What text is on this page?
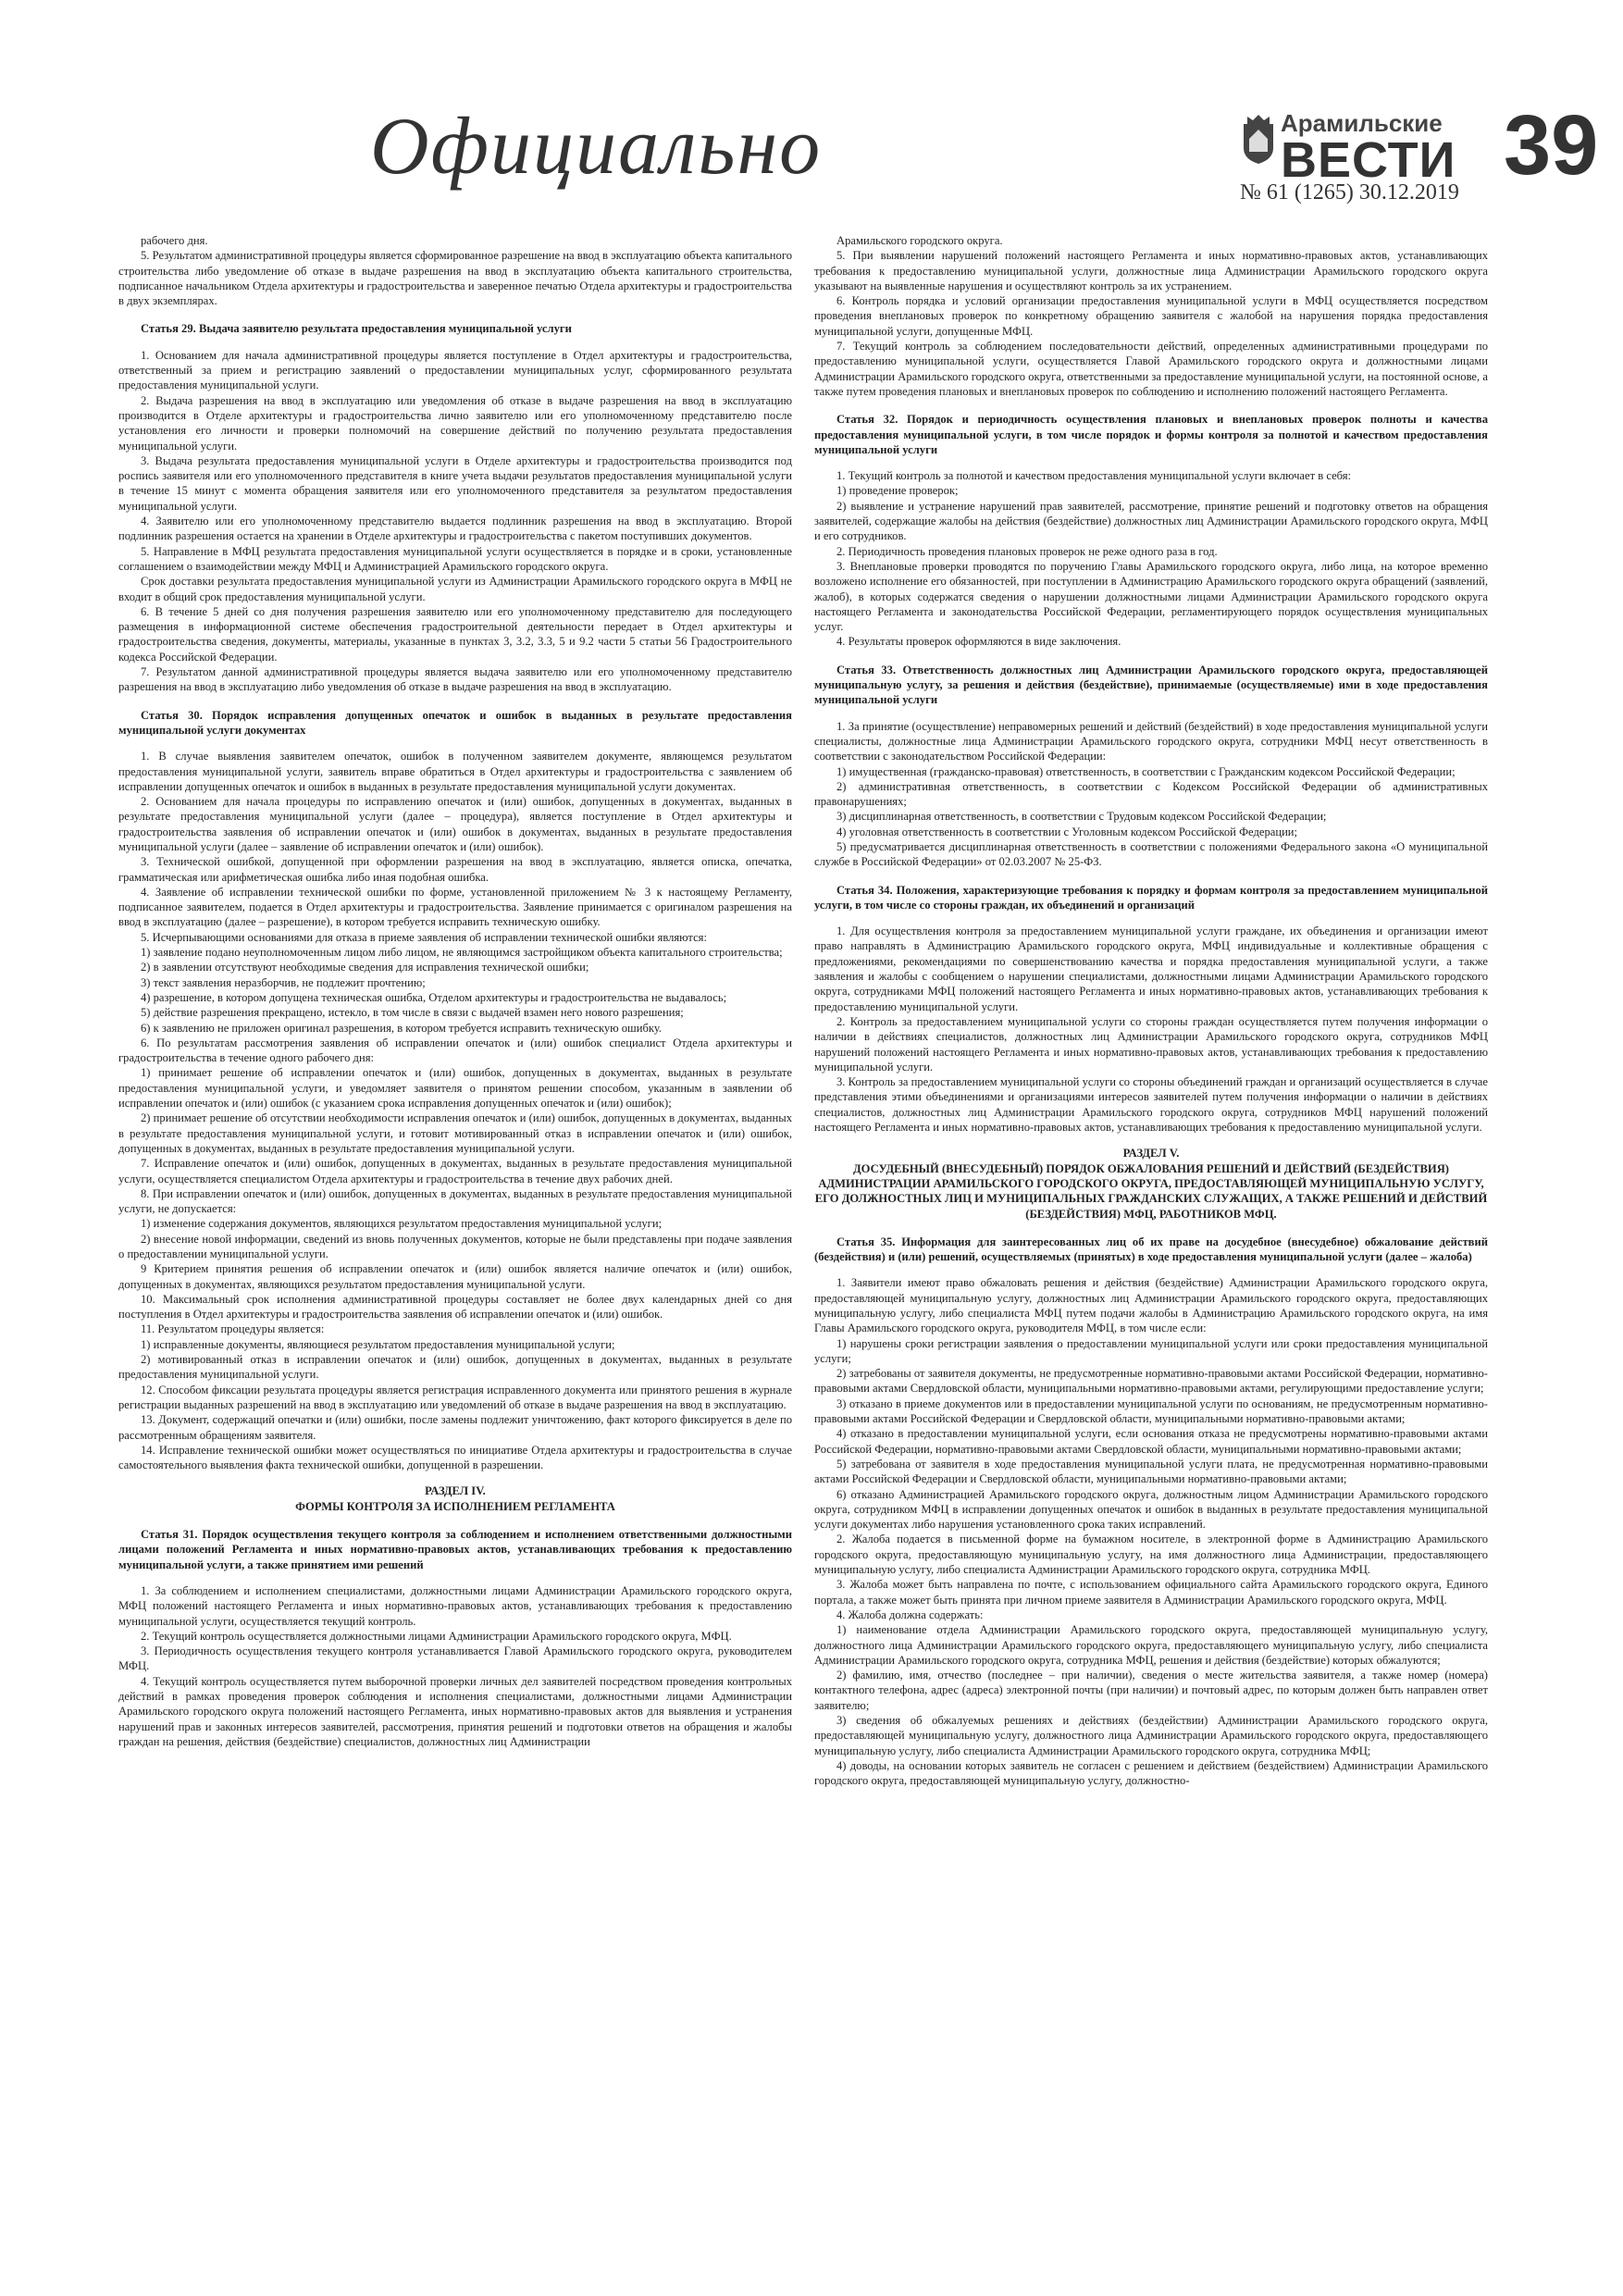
Официально	Арамильские
ВЕСТИ
№ 61 (1265) 30.12.2019 39

рабочего дня.

5. Результатом административной процедуры является сформированное разрешение на ввод в эксплуатацию объекта капитального строительства либо уведомление об отказе в выдаче разрешения на ввод в эксплуатацию объекта капитального строительства, подписанное начальником Отдела архитектуры и градостроительства и заверенное печатью Отдела архитектуры и градостроительства в двух экземплярах.

Статья 29. Выдача заявителю результата предоставления муниципальной услуги

1. Основанием для начала административной процедуры является поступление в Отдел архитектуры и градостроительства, ответственный за прием и регистрацию заявлений о предоставлении муниципальных услуг, сформированного результата предоставления муниципальной услуги.

2. Выдача разрешения на ввод в эксплуатацию или уведомления об отказе в выдаче разрешения на ввод в эксплуатацию производится в Отделе архитектуры и градостроительства лично заявителю или его уполномоченному представителю после установления его личности и проверки полномочий на совершение действий по получению результата предоставления муниципальной услуги.

3. Выдача результата предоставления муниципальной услуги в Отделе архитектуры и градостроительства производится под роспись заявителя или его уполномоченного представителя в книге учета выдачи результатов предоставления муниципальной услуги в течение 15 минут с момента обращения заявителя или его уполномоченного представителя за результатом предоставления муниципальной услуги.

4. Заявителю или его уполномоченному представителю выдается подлинник разрешения на ввод в эксплуатацию. Второй подлинник разрешения остается на хранении в Отделе архитектуры и градостроительства с пакетом поступивших документов.

5. Направление в МФЦ результата предоставления муниципальной услуги осуществляется в порядке и в сроки, установленные соглашением о взаимодействии между МФЦ и Администрацией Арамильского городского округа.

Срок доставки результата предоставления муниципальной услуги из Администрации Арамильского городского округа в МФЦ не входит в общий срок предоставления муниципальной услуги.

6. В течение 5 дней со дня получения разрешения заявителю или его уполномоченному представителю для последующего размещения в информационной системе обеспечения градостроительной деятельности передает в Отдел архитектуры и градостроительства сведения, документы, материалы, указанные в пунктах 3, 3.2, 3.3, 5 и 9.2 части 5 статьи 56 Градостроительного кодекса Российской Федерации.

7. Результатом данной административной процедуры является выдача заявителю или его уполномоченному представителю разрешения на ввод в эксплуатацию либо уведомления об отказе в выдаче разрешения на ввод в эксплуатацию.

Статья 30. Порядок исправления допущенных опечаток и ошибок в выданных в результате предоставления муниципальной услуги документах

1. В случае выявления заявителем опечаток, ошибок в полученном заявителем документе, являющемся результатом предоставления муниципальной услуги, заявитель вправе обратиться в Отдел архитектуры и градостроительства с заявлением об исправлении допущенных опечаток и ошибок в выданных в результате предоставления муниципальной услуги документах.

2. Основанием для начала процедуры по исправлению опечаток и (или) ошибок, допущенных в документах, выданных в результате предоставления муниципальной услуги (далее – процедура), является поступление в Отдел архитектуры и градостроительства заявления об исправлении опечаток и (или) ошибок в документах, выданных в результате предоставления муниципальной услуги (далее – заявление об исправлении опечаток и (или) ошибок).

3. Технической ошибкой, допущенной при оформлении разрешения на ввод в эксплуатацию, является описка, опечатка, грамматическая или арифметическая ошибка либо иная подобная ошибка.

4. Заявление об исправлении технической ошибки по форме, установленной приложением № 3 к настоящему Регламенту, подписанное заявителем, подается в Отдел архитектуры и градостроительства. Заявление принимается с оригиналом разрешения на ввод в эксплуатацию (далее – разрешение), в котором требуется исправить техническую ошибку.

5. Исчерпывающими основаниями для отказа в приеме заявления об исправлении технической ошибки являются:

1) заявление подано неуполномоченным лицом либо лицом, не являющимся застройщиком объекта капитального строительства;

2) в заявлении отсутствуют необходимые сведения для исправления технической ошибки;

3) текст заявления неразборчив, не подлежит прочтению;

4) разрешение, в котором допущена техническая ошибка, Отделом архитектуры и градостроительства не выдавалось;

5) действие разрешения прекращено, истекло, в том числе в связи с выдачей взамен него нового разрешения;

6) к заявлению не приложен оригинал разрешения, в котором требуется исправить техническую ошибку.

6. По результатам рассмотрения заявления об исправлении опечаток и (или) ошибок специалист Отдела архитектуры и градостроительства в течение одного рабочего дня:

1) принимает решение об исправлении опечаток и (или) ошибок, допущенных в документах, выданных в результате предоставления муниципальной услуги, и уведомляет заявителя о принятом решении способом, указанным в заявлении об исправлении опечаток и (или) ошибок (с указанием срока исправления допущенных опечаток и (или) ошибок);

2) принимает решение об отсутствии необходимости исправления опечаток и (или) ошибок, допущенных в документах, выданных в результате предоставления муниципальной услуги, и готовит мотивированный отказ в исправлении опечаток и (или) ошибок, допущенных в документах, выданных в результате предоставления муниципальной услуги.

7. Исправление опечаток и (или) ошибок, допущенных в документах, выданных в результате предоставления муниципальной услуги, осуществляется специалистом Отдела архитектуры и градостроительства в течение двух рабочих дней.

8. При исправлении опечаток и (или) ошибок, допущенных в документах, выданных в результате предоставления муниципальной услуги, не допускается:

1) изменение содержания документов, являющихся результатом предоставления муниципальной услуги;

2) внесение новой информации, сведений из вновь полученных документов, которые не были представлены при подаче заявления о предоставлении муниципальной услуги.

9 Критерием принятия решения об исправлении опечаток и (или) ошибок является наличие опечаток и (или) ошибок, допущенных в документах, являющихся результатом предоставления муниципальной услуги.

10. Максимальный срок исполнения административной процедуры составляет не более двух календарных дней со дня поступления в Отдел архитектуры и градостроительства заявления об исправлении опечаток и (или) ошибок.

11. Результатом процедуры является:

1) исправленные документы, являющиеся результатом предоставления муниципальной услуги;

2) мотивированный отказ в исправлении опечаток и (или) ошибок, допущенных в документах, выданных в результате предоставления муниципальной услуги.

12. Способом фиксации результата процедуры является регистрация исправленного документа или принятого решения в журнале регистрации выданных разрешений на ввод в эксплуатацию или уведомлений об отказе в выдаче разрешения на ввод в эксплуатацию.

13. Документ, содержащий опечатки и (или) ошибки, после замены подлежит уничтожению, факт которого фиксируется в деле по рассмотренным обращениям заявителя.

14. Исправление технической ошибки может осуществляться по инициативе Отдела архитектуры и градостроительства в случае самостоятельного выявления факта технической ошибки, допущенной в разрешении.

РАЗДЕЛ IV.
ФОРМЫ КОНТРОЛЯ ЗА ИСПОЛНЕНИЕМ РЕГЛАМЕНТА

Статья 31. Порядок осуществления текущего контроля за соблюдением и исполнением ответственными должностными лицами положений Регламента и иных нормативно-правовых актов, устанавливающих требования к предоставлению муниципальной услуги, а также принятием ими решений

1. За соблюдением и исполнением специалистами, должностными лицами Администрации Арамильского городского округа, МФЦ положений настоящего Регламента и иных нормативно-правовых актов, устанавливающих требования к предоставлению муниципальной услуги, осуществляется текущий контроль.

2. Текущий контроль осуществляется должностными лицами Администрации Арамильского городского округа, МФЦ.

3. Периодичность осуществления текущего контроля устанавливается Главой Арамильского городского округа, руководителем МФЦ.

4. Текущий контроль осуществляется путем выборочной проверки личных дел заявителей посредством проведения контрольных действий в рамках проведения проверок соблюдения и исполнения специалистами, должностными лицами Администрации Арамильского городского округа положений настоящего Регламента, иных нормативно-правовых актов для выявления и устранения нарушений прав и законных интересов заявителей, рассмотрения, принятия решений и подготовки ответов на обращения и жалобы граждан на решения, действия (бездействие) специалистов, должностных лиц Администрации

Арамильского городского округа.

5. При выявлении нарушений положений настоящего Регламента и иных нормативно-правовых актов, устанавливающих требования к предоставлению муниципальной услуги, должностные лица Администрации Арамильского городского округа указывают на выявленные нарушения и осуществляют контроль за их устранением.

6. Контроль порядка и условий организации предоставления муниципальной услуги в МФЦ осуществляется посредством проведения внеплановых проверок по конкретному обращению заявителя с жалобой на нарушения порядка предоставления муниципальной услуги, допущенные МФЦ.

7. Текущий контроль за соблюдением последовательности действий, определенных административными процедурами по предоставлению муниципальной услуги, осуществляется Главой Арамильского городского округа и должностными лицами Администрации Арамильского городского округа, ответственными за предоставление муниципальной услуги, на постоянной основе, а также путем проведения плановых и внеплановых проверок по соблюдению и исполнению положений настоящего Регламента.

Статья 32. Порядок и периодичность осуществления плановых и внеплановых проверок полноты и качества предоставления муниципальной услуги, в том числе порядок и формы контроля за полнотой и качеством предоставления муниципальной услуги

1. Текущий контроль за полнотой и качеством предоставления муниципальной услуги включает в себя:

1) проведение проверок;

2) выявление и устранение нарушений прав заявителей, рассмотрение, принятие решений и подготовку ответов на обращения заявителей, содержащие жалобы на действия (бездействие) должностных лиц Администрации Арамильского городского округа, МФЦ и его сотрудников.

2. Периодичность проведения плановых проверок не реже одного раза в год.

3. Внеплановые проверки проводятся по поручению Главы Арамильского городского округа, либо лица, на которое временно возложено исполнение его обязанностей, при поступлении в Администрацию Арамильского городского округа обращений (заявлений, жалоб), в которых содержатся сведения о нарушении должностными лицами Администрации Арамильского городского округа настоящего Регламента и законодательства Российской Федерации, регламентирующего порядок осуществления муниципальных услуг.

4. Результаты проверок оформляются в виде заключения.

Статья 33. Ответственность должностных лиц Администрации Арамильского городского округа, предоставляющей муниципальную услугу, за решения и действия (бездействие), принимаемые (осуществляемые) ими в ходе предоставления муниципальной услуги

1. За принятие (осуществление) неправомерных решений и действий (бездействий) в ходе предоставления муниципальной услуги специалисты, должностные лица Администрации Арамильского городского округа, сотрудники МФЦ несут ответственность в соответствии с законодательством Российской Федерации:

1) имущественная (гражданско-правовая) ответственность, в соответствии с Гражданским кодексом Российской Федерации;

2) административная ответственность, в соответствии с Кодексом Российской Федерации об административных правонарушениях;

3) дисциплинарная ответственность, в соответствии с Трудовым кодексом Российской Федерации;

4) уголовная ответственность в соответствии с Уголовным кодексом Российской Федерации;

5) предусматривается дисциплинарная ответственность в соответствии с положениями Федерального закона «О муниципальной службе в Российской Федерации» от 02.03.2007 № 25-ФЗ.

Статья 34. Положения, характеризующие требования к порядку и формам контроля за предоставлением муниципальной услуги, в том числе со стороны граждан, их объединений и организаций

1. Для осуществления контроля за предоставлением муниципальной услуги граждане, их объединения и организации имеют право направлять в Администрацию Арамильского городского округа, МФЦ индивидуальные и коллективные обращения с предложениями, рекомендациями по совершенствованию качества и порядка предоставления муниципальной услуги, а также заявления и жалобы с сообщением о нарушении специалистами, должностными лицами Администрации Арамильского городского округа, сотрудниками МФЦ положений настоящего Регламента и иных нормативно-правовых актов, устанавливающих требования к предоставлению муниципальной услуги.

2. Контроль за предоставлением муниципальной услуги со стороны граждан осуществляется путем получения информации о наличии в действиях специалистов, должностных лиц Администрации Арамильского городского округа, сотрудников МФЦ нарушений положений настоящего Регламента и иных нормативно-правовых актов, устанавливающих требования к предоставлению муниципальной услуги.

3. Контроль за предоставлением муниципальной услуги со стороны объединений граждан и организаций осуществляется в случае представления этими объединениями и организациями интересов заявителей путем получения информации о наличии в действиях специалистов, должностных лиц Администрации Арамильского городского округа, сотрудников МФЦ нарушений положений настоящего Регламента и иных нормативно-правовых актов, устанавливающих требования к предоставлению муниципальной услуги.

РАЗДЕЛ V.
ДОСУДЕБНЫЙ (ВНЕСУДЕБНЫЙ) ПОРЯДОК ОБЖАЛОВАНИЯ РЕШЕНИЙ И ДЕЙСТВИЙ (БЕЗДЕЙСТВИЯ) АДМИНИСТРАЦИИ АРАМИЛЬСКОГО ГОРОДСКОГО ОКРУГА, ПРЕДОСТАВЛЯЮЩЕЙ МУНИЦИПАЛЬНУЮ УСЛУГУ, ЕГО ДОЛЖНОСТНЫХ ЛИЦ И МУНИЦИПАЛЬНЫХ ГРАЖДАНСКИХ СЛУЖАЩИХ, А ТАКЖЕ РЕШЕНИЙ И ДЕЙСТВИЙ (БЕЗДЕЙСТВИЯ) МФЦ, РАБОТНИКОВ МФЦ.

Статья 35. Информация для заинтересованных лиц об их праве на досудебное (внесудебное) обжалование действий (бездействия) и (или) решений, осуществляемых (принятых) в ходе предоставления муниципальной услуги (далее – жалоба)

1. Заявители имеют право обжаловать решения и действия (бездействие) Администрации Арамильского городского округа, предоставляющей муниципальную услугу, должностных лиц Администрации Арамильского городского округа, предоставляющих муниципальную услугу, либо специалиста МФЦ путем подачи жалобы в Администрацию Арамильского городского округа, на имя Главы Арамильского городского округа, руководителя МФЦ, в том числе если:

1) нарушены сроки регистрации заявления о предоставлении муниципальной услуги или сроки предоставления муниципальной услуги;

2) затребованы от заявителя документы, не предусмотренные нормативно-правовыми актами Российской Федерации, нормативно-правовыми актами Свердловской области, муниципальными нормативно-правовыми актами, регулирующими предоставление услуги;

3) отказано в приеме документов или в предоставлении муниципальной услуги по основаниям, не предусмотренным нормативно-правовыми актами Российской Федерации и Свердловской области, муниципальными нормативно-правовыми актами;

4) отказано в предоставлении муниципальной услуги, если основания отказа не предусмотрены нормативно-правовыми актами Российской Федерации, нормативно-правовыми актами Свердловской области, муниципальными нормативно-правовыми актами;

5) затребована от заявителя в ходе предоставления муниципальной услуги плата, не предусмотренная нормативно-правовыми актами Российской Федерации и Свердловской области, муниципальными нормативно-правовыми актами;

6) отказано Администрацией Арамильского городского округа, должностным лицом Администрации Арамильского городского округа, сотрудником МФЦ в исправлении допущенных опечаток и ошибок в выданных в результате предоставления муниципальной услуги документах либо нарушения установленного срока таких исправлений.

2. Жалоба подается в письменной форме на бумажном носителе, в электронной форме в Администрацию Арамильского городского округа, предоставляющую муниципальную услугу, на имя должностного лица Администрации, предоставляющего муниципальную услугу, либо специалиста Администрации Арамильского городского округа, сотрудника МФЦ.

3. Жалоба может быть направлена по почте, с использованием официального сайта Арамильского городского округа, Единого портала, а также может быть принята при личном приеме заявителя в Администрации Арамильского городского округа, МФЦ.

4. Жалоба должна содержать:

1) наименование отдела Администрации Арамильского городского округа, предоставляющей муниципальную услугу, должностного лица Администрации Арамильского городского округа, предоставляющего муниципальную услугу, либо специалиста Администрации Арамильского городского округа, сотрудника МФЦ, решения и действия (бездействие) которых обжалуются;

2) фамилию, имя, отчество (последнее – при наличии), сведения о месте жительства заявителя, а также номер (номера) контактного телефона, адрес (адреса) электронной почты (при наличии) и почтовый адрес, по которым должен быть направлен ответ заявителю;

3) сведения об обжалуемых решениях и действиях (бездействии) Администрации Арамильского городского округа, предоставляющей муниципальную услугу, должностного лица Администрации Арамильского городского округа, предоставляющего муниципальную услугу, либо специалиста Администрации Арамильского городского округа, сотрудника МФЦ;

4) доводы, на основании которых заявитель не согласен с решением и действием (бездействием) Администрации Арамильского городского округа, предоставляющей муниципальную услугу, должностно-
